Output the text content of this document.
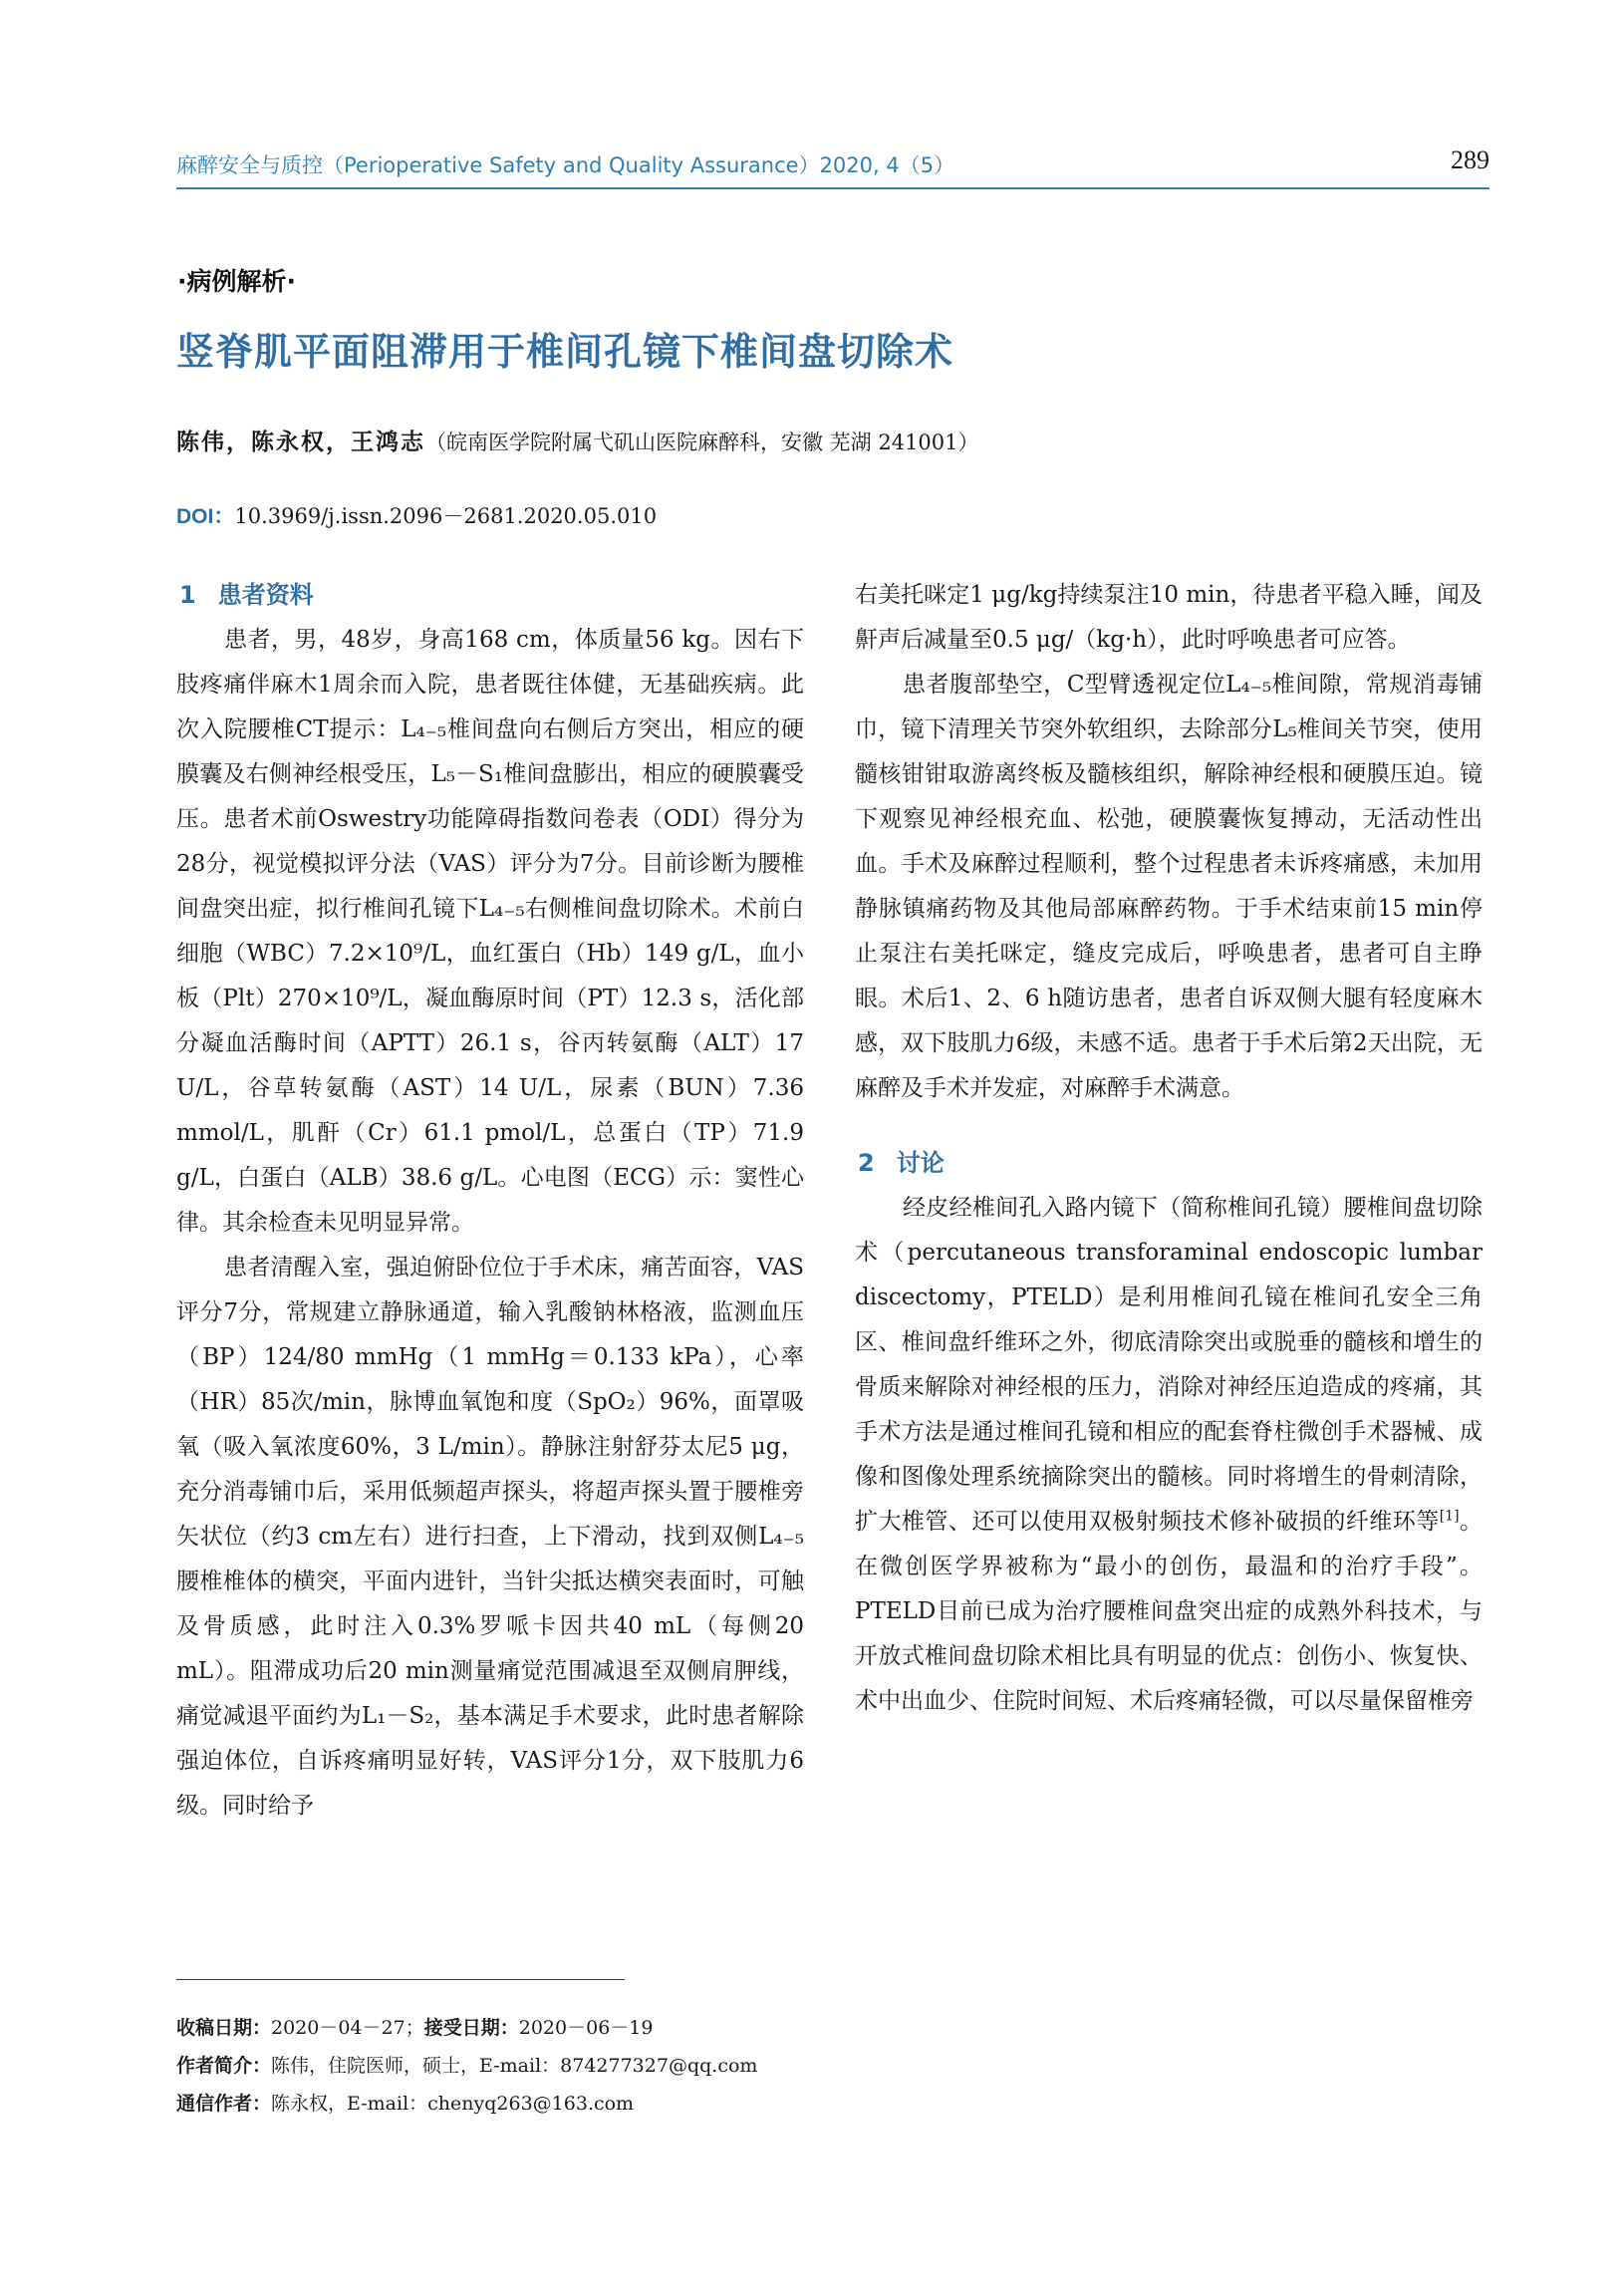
麻醉安全与质控（Perioperative Safety and Quality Assurance）2020, 4（5）	289
·病例解析·
竖脊肌平面阻滞用于椎间孔镜下椎间盘切除术
陈伟，陈永权，王鸿志（皖南医学院附属弋矶山医院麻醉科，安徽 芜湖 241001）
DOI：10.3969/j.issn.2096－2681.2020.05.010
1 患者资料

患者，男，48岁，身高168 cm，体质量56 kg。因右下肢疼痛伴麻木1周余而入院，患者既往体健，无基础疾病。此次入院腰椎CT提示：L₄₋₅椎间盘向右侧后方突出，相应的硬膜囊及右侧神经根受压，L₅－S₁椎间盘膨出，相应的硬膜囊受压。患者术前Oswestry功能障碍指数问卷表（ODI）得分为28分，视觉模拟评分法（VAS）评分为7分。目前诊断为腰椎间盘突出症，拟行椎间孔镜下L₄₋₅右侧椎间盘切除术。术前白细胞（WBC）7.2×10⁹/L，血红蛋白（Hb）149 g/L，血小板（Plt）270×10⁹/L，凝血酶原时间（PT）12.3 s，活化部分凝血活酶时间（APTT）26.1 s，谷丙转氨酶（ALT）17 U/L，谷草转氨酶（AST）14 U/L，尿素（BUN）7.36 mmol/L，肌酐（Cr）61.1 pmol/L，总蛋白（TP）71.9 g/L，白蛋白（ALB）38.6 g/L。心电图（ECG）示：窦性心律。其余检查未见明显异常。

患者清醒入室，强迫俯卧位位于手术床，痛苦面容，VAS评分7分，常规建立静脉通道，输入乳酸钠林格液，监测血压（BP）124/80 mmHg（1 mmHg＝0.133 kPa），心率（HR）85次/min，脉博血氧饱和度（SpO₂）96%，面罩吸氧（吸入氧浓度60%，3 L/min）。静脉注射舒芬太尼5 μg，充分消毒铺巾后，采用低频超声探头，将超声探头置于腰椎旁矢状位（约3 cm左右）进行扫查，上下滑动，找到双侧L₄₋₅腰椎椎体的横突，平面内进针，当针尖抵达横突表面时，可触及骨质感，此时注入0.3%罗哌卡因共40 mL（每侧20 mL）。阻滞成功后20 min测量痛觉范围减退至双侧肩胛线，痛觉减退平面约为L₁－S₂，基本满足手术要求，此时患者解除强迫体位，自诉疼痛明显好转，VAS评分1分，双下肢肌力6级。同时给予

右美托咪定1 μg/kg持续泵注10 min，待患者平稳入睡，闻及鼾声后减量至0.5 μg/（kg·h），此时呼唤患者可应答。

患者腹部垫空，C型臂透视定位L₄₋₅椎间隙，常规消毒铺巾，镜下清理关节突外软组织，去除部分L₅椎间关节突，使用髓核钳钳取游离终板及髓核组织，解除神经根和硬膜压迫。镜下观察见神经根充血、松弛，硬膜囊恢复搏动，无活动性出血。手术及麻醉过程顺利，整个过程患者未诉疼痛感，未加用静脉镇痛药物及其他局部麻醉药物。于手术结束前15 min停止泵注右美托咪定，缝皮完成后，呼唤患者，患者可自主睁眼。术后1、2、6 h随访患者，患者自诉双侧大腿有轻度麻木感，双下肢肌力6级，未感不适。患者于手术后第2天出院，无麻醉及手术并发症，对麻醉手术满意。

2 讨论

经皮经椎间孔入路内镜下（简称椎间孔镜）腰椎间盘切除术（percutaneous transforaminal endoscopic lumbar discectomy，PTELD）是利用椎间孔镜在椎间孔安全三角区、椎间盘纤维环之外，彻底清除突出或脱垂的髓核和增生的骨质来解除对神经根的压力，消除对神经压迫造成的疼痛，其手术方法是通过椎间孔镜和相应的配套脊柱微创手术器械、成像和图像处理系统摘除突出的髓核。同时将增生的骨刺清除，扩大椎管、还可以使用双极射频技术修补破损的纤维环等[1]。在微创医学界被称为“最小的创伤，最温和的治疗手段”。PTELD目前已成为治疗腰椎间盘突出症的成熟外科技术，与开放式椎间盘切除术相比具有明显的优点：创伤小、恢复快、术中出血少、住院时间短、术后疼痛轻微，可以尽量保留椎旁

收稿日期：2020－04－27；接受日期：2020－06－19
作者简介：陈伟，住院医师，硕士，E-mail：874277327@qq.com
通信作者：陈永权，E-mail：chenyq263@163.com
